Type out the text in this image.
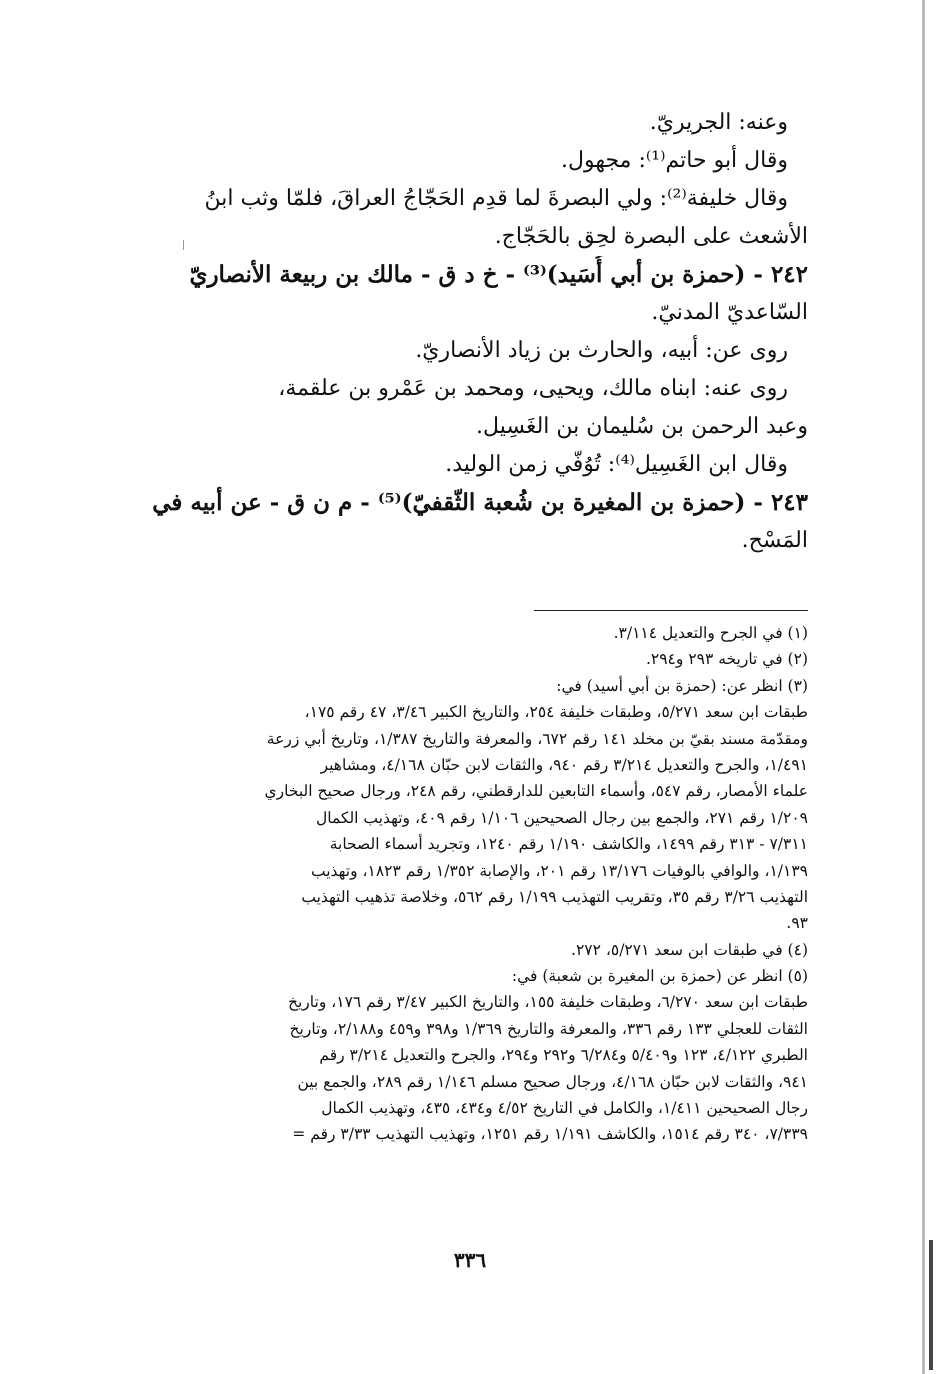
وعنه: الجريريّ.
وقال أبو حاتم⁽¹⁾: مجهول.
وقال خليفة⁽²⁾: ولي البصرةَ لما قدِم الحَجّاجُ العراقَ، فلمّا وثب ابنُ
الأشعث على البصرة لحِق بالحَجّاج.
٢٤٢ - (حمزة بن أبي أُسَيد)⁽³⁾ - خ د ق - مالك بن ربيعة الأنصاريّ
السّاعديّ المدنيّ.
روى عن: أبيه، والحارث بن زياد الأنصاريّ.
روى عنه: ابناه مالك، ويحيى، ومحمد بن عَمْرو بن علقمة،
وعبد الرحمن بن سُليمان بن الغَسِيل.
وقال ابن الغَسِيل⁽⁴⁾: تُوُفّي زمن الوليد.
٢٤٣ - (حمزة بن المغيرة بن شُعبة الثّقفيّ)⁽⁵⁾ - م ن ق - عن أبيه في
المَسْح.
(١) في الجرح والتعديل ٣/١١٤.
(٢) في تاريخه ٢٩٣ و٢٩٤.
(٣) انظر عن: (حمزة بن أبي أسيد) في:
طبقات ابن سعد ٥/٢٧١، وطبقات خليفة ٢٥٤، والتاريخ الكبير ٣/٤٦، ٤٧ رقم ١٧٥،
ومقدّمة مسند بقيّ بن مخلد ١٤١ رقم ٦٧٢، والمعرفة والتاريخ ١/٣٨٧، وتاريخ أبي زرعة
١/٤٩١، والجرح والتعديل ٣/٢١٤ رقم ٩٤٠، والثقات لابن حبّان ٤/١٦٨، ومشاهير
علماء الأمصار، رقم ٥٤٧، وأسماء التابعين للدارقطني، رقم ٢٤٨، ورجال صحيح البخاري
١/٢٠٩ رقم ٢٧١، والجمع بين رجال الصحيحين ١/١٠٦ رقم ٤٠٩، وتهذيب الكمال
٧/٣١١ - ٣١٣ رقم ١٤٩٩، والكاشف ١/١٩٠ رقم ١٢٤٠، وتجريد أسماء الصحابة
١/١٣٩، والوافي بالوفيات ١٣/١٧٦ رقم ٢٠١، والإصابة ١/٣٥٢ رقم ١٨٢٣، وتهذيب
التهذيب ٣/٢٦ رقم ٣٥، وتقريب التهذيب ١/١٩٩ رقم ٥٦٢، وخلاصة تذهيب التهذيب
٩٣.
(٤) في طبقات ابن سعد ٥/٢٧١، ٢٧٢.
(٥) انظر عن (حمزة بن المغيرة بن شعبة) في:
طبقات ابن سعد ٦/٢٧٠، وطبقات خليفة ١٥٥، والتاريخ الكبير ٣/٤٧ رقم ١٧٦، وتاريخ
الثقات للعجلي ١٣٣ رقم ٣٣٦، والمعرفة والتاريخ ١/٣٦٩ و٣٩٨ و٤٥٩ و٢/١٨٨، وتاريخ
الطبري ٤/١٢٢، ١٢٣ و٥/٤٠٩ و٦/٢٨٤ و٢٩٢ و٢٩٤، والجرح والتعديل ٣/٢١٤ رقم
٩٤١، والثقات لابن حبّان ٤/١٦٨، ورجال صحيح مسلم ١/١٤٦ رقم ٢٨٩، والجمع بين
رجال الصحيحين ١/٤١١، والكامل في التاريخ ٤/٥٢ و٤٣٤، ٤٣٥، وتهذيب الكمال
٧/٣٣٩، ٣٤٠ رقم ١٥١٤، والكاشف ١/١٩١ رقم ١٢٥١، وتهذيب التهذيب ٣/٣٣ رقم =
٣٣٦
